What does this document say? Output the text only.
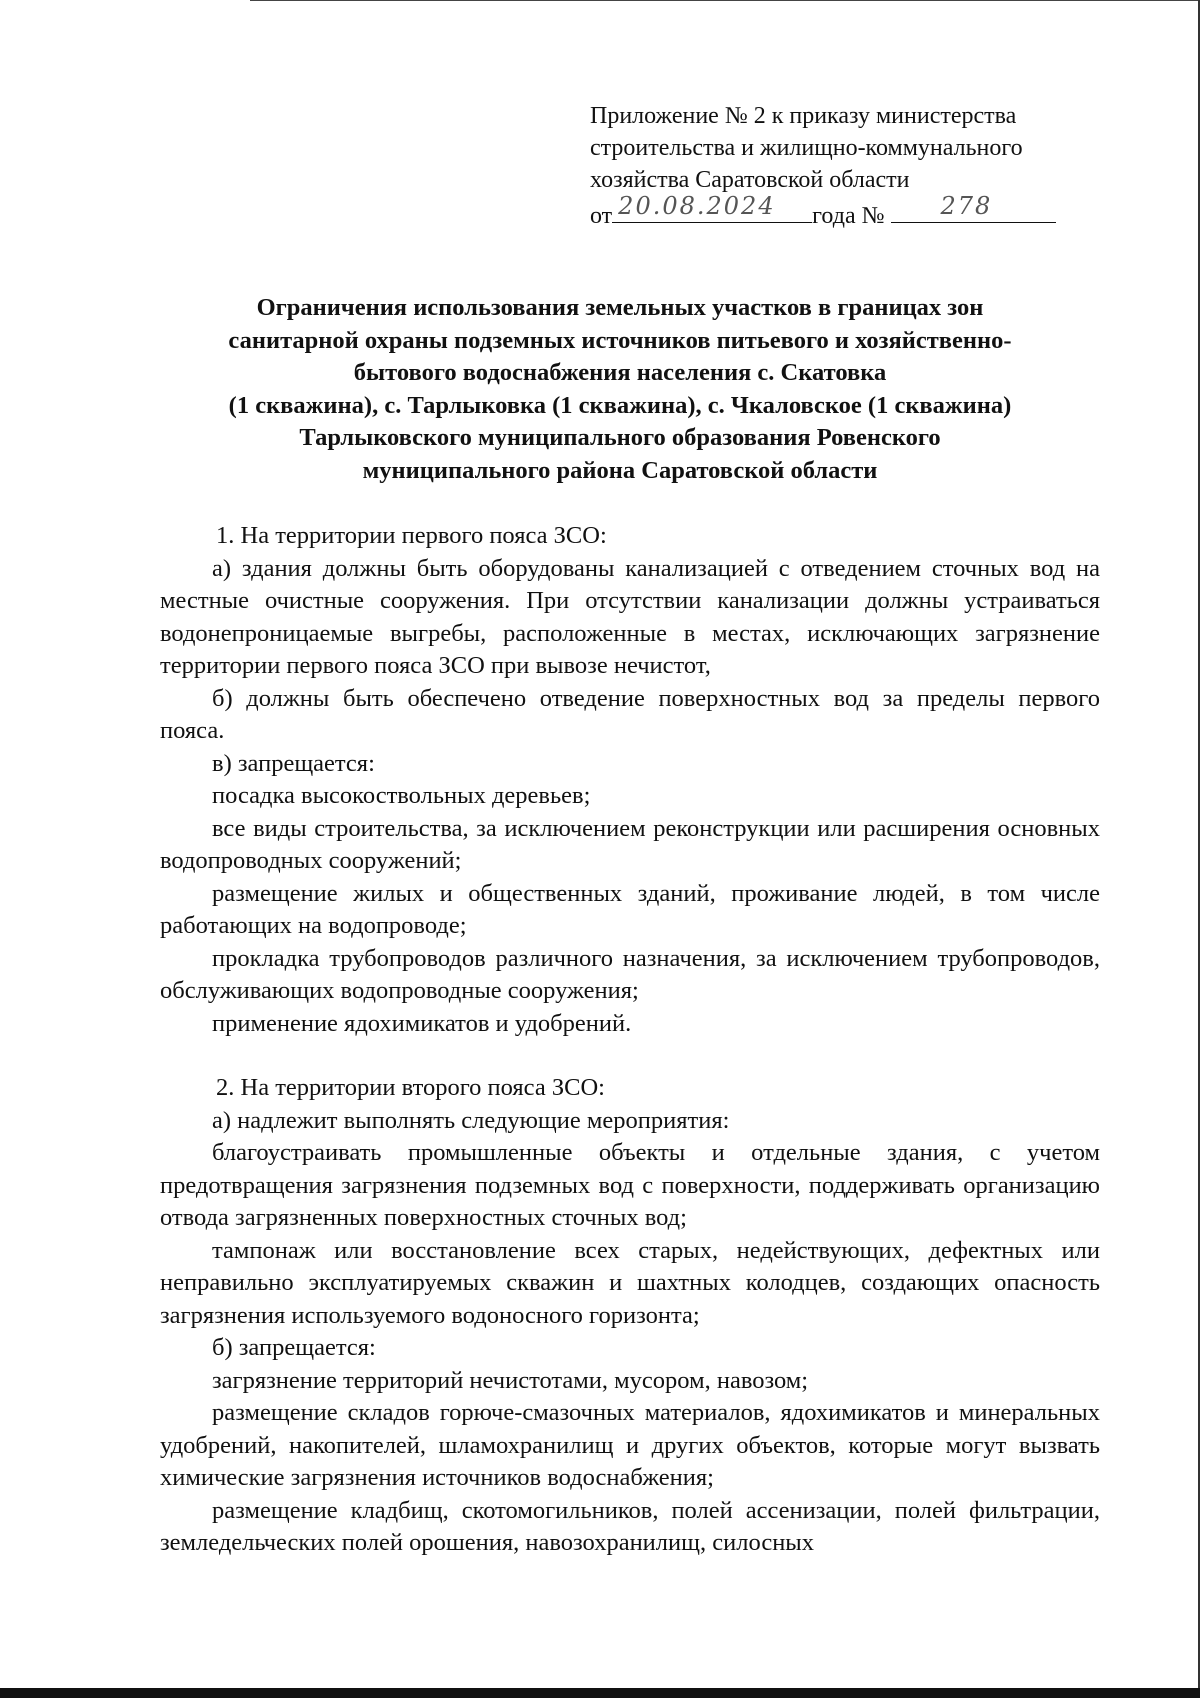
Приложение № 2 к приказу министерства
строительства и жилищно-коммунального
хозяйства Саратовской области
от 20.08.2024 года № 278
Ограничения использования земельных участков в границах зон
санитарной охраны подземных источников питьевого и хозяйственно-
бытового водоснабжения населения с. Скатовка
(1 скважина), с. Тарлыковка (1 скважина), с. Чкаловское (1 скважина)
Тарлыковского муниципального образования Ровенского
муниципального района Саратовской области

1. На территории первого пояса ЗСО:

а) здания должны быть оборудованы канализацией с отведением сточных вод на местные очистные сооружения. При отсутствии канализации должны устраиваться водонепроницаемые выгребы, расположенные в местах, исключающих загрязнение территории первого пояса ЗСО при вывозе нечистот,

б) должны быть обеспечено отведение поверхностных вод за пределы первого пояса.

в) запрещается:

посадка высокоствольных деревьев;

все виды строительства, за исключением реконструкции или расширения основных водопроводных сооружений;

размещение жилых и общественных зданий, проживание людей, в том числе работающих на водопроводе;

прокладка трубопроводов различного назначения, за исключением трубопроводов, обслуживающих водопроводные сооружения;

применение ядохимикатов и удобрений.

2. На территории второго пояса ЗСО:

а) надлежит выполнять следующие мероприятия:

благоустраивать промышленные объекты и отдельные здания, с учетом предотвращения загрязнения подземных вод с поверхности, поддерживать организацию отвода загрязненных поверхностных сточных вод;

тампонаж или восстановление всех старых, недействующих, дефектных или неправильно эксплуатируемых скважин и шахтных колодцев, создающих опасность загрязнения используемого водоносного горизонта;

б) запрещается:

загрязнение территорий нечистотами, мусором, навозом;

размещение складов горюче-смазочных материалов, ядохимикатов и минеральных удобрений, накопителей, шламохранилищ и других объектов, которые могут вызвать химические загрязнения источников водоснабжения;

размещение кладбищ, скотомогильников, полей ассенизации, полей фильтрации, земледельческих полей орошения, навозохранилищ, силосных
